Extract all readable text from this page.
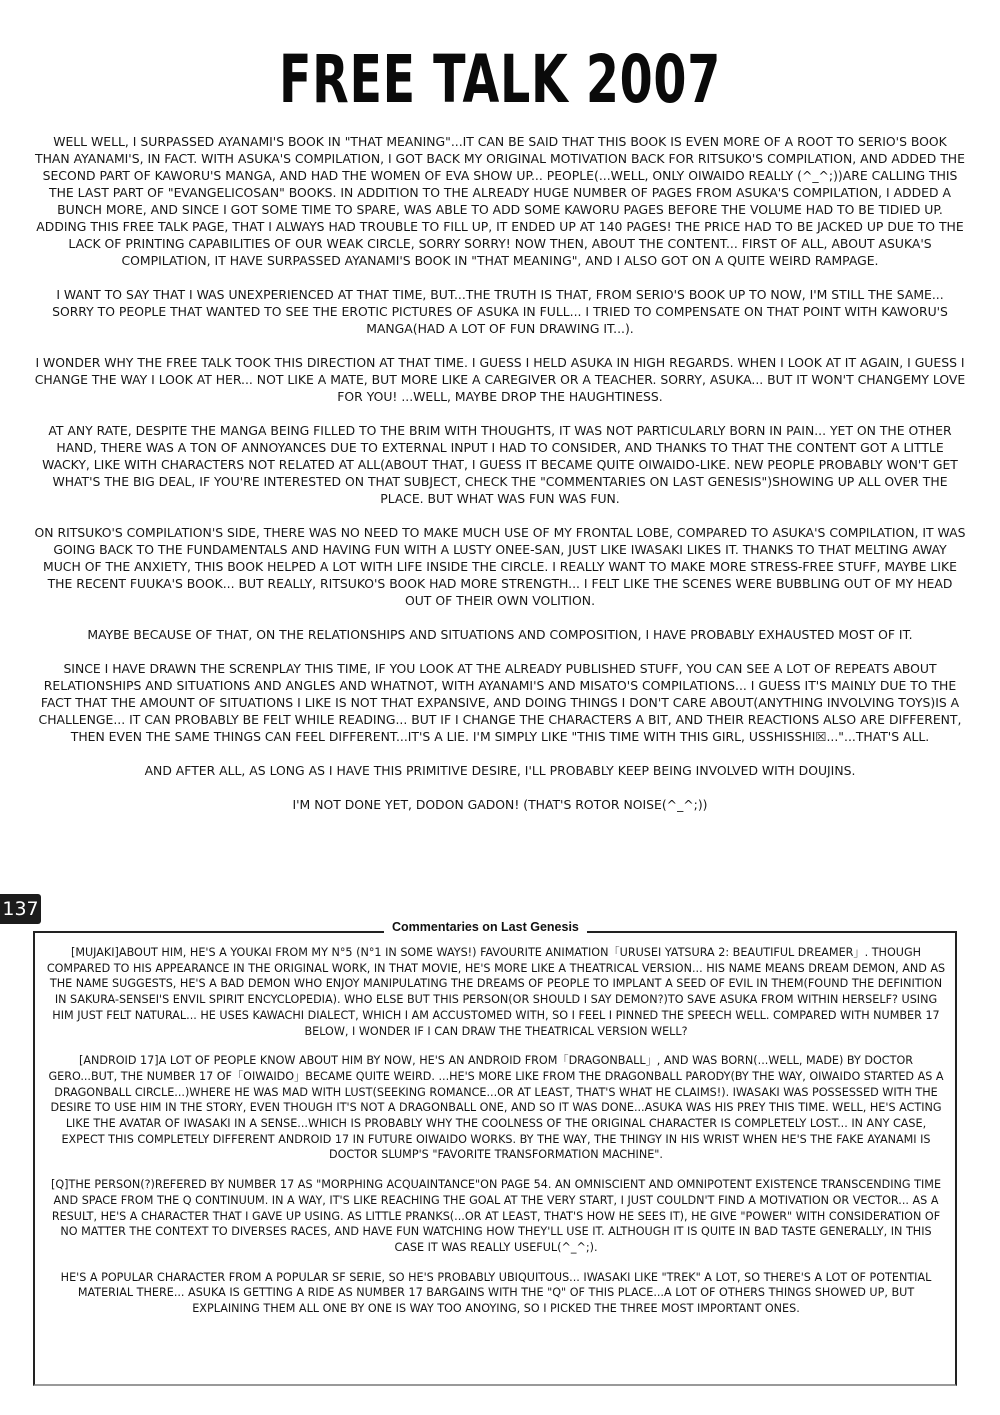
FREE TALK 2007

WELL WELL, I SURPASSED AYANAMI'S BOOK IN "THAT MEANING"...IT CAN BE SAID THAT THIS BOOK IS EVEN MORE OF A ROOT TO SERIO'S BOOK THAN AYANAMI'S, IN FACT. WITH ASUKA'S COMPILATION, I GOT BACK MY ORIGINAL MOTIVATION BACK FOR RITSUKO'S COMPILATION, AND ADDED THE SECOND PART OF KAWORU'S MANGA, AND HAD THE WOMEN OF EVA SHOW UP... PEOPLE(...WELL, ONLY OIWAIDO REALLY (^_^;))ARE CALLING THIS THE LAST PART OF "EVANGELICOSAN" BOOKS. IN ADDITION TO THE ALREADY HUGE NUMBER OF PAGES FROM ASUKA'S COMPILATION, I ADDED A BUNCH MORE, AND SINCE I GOT SOME TIME TO SPARE, WAS ABLE TO ADD SOME KAWORU PAGES BEFORE THE VOLUME HAD TO BE TIDIED UP. ADDING THIS FREE TALK PAGE, THAT I ALWAYS HAD TROUBLE TO FILL UP, IT ENDED UP AT 140 PAGES! THE PRICE HAD TO BE JACKED UP DUE TO THE LACK OF PRINTING CAPABILITIES OF OUR WEAK CIRCLE, SORRY SORRY! NOW THEN, ABOUT THE CONTENT... FIRST OF ALL, ABOUT ASUKA'S COMPILATION, IT HAVE SURPASSED AYANAMI'S BOOK IN "THAT MEANING", AND I ALSO GOT ON A QUITE WEIRD RAMPAGE.

I WANT TO SAY THAT I WAS UNEXPERIENCED AT THAT TIME, BUT...THE TRUTH IS THAT, FROM SERIO'S BOOK UP TO NOW, I'M STILL THE SAME... SORRY TO PEOPLE THAT WANTED TO SEE THE EROTIC PICTURES OF ASUKA IN FULL... I TRIED TO COMPENSATE ON THAT POINT WITH KAWORU'S MANGA(HAD A LOT OF FUN DRAWING IT...).

I WONDER WHY THE FREE TALK TOOK THIS DIRECTION AT THAT TIME. I GUESS I HELD ASUKA IN HIGH REGARDS. WHEN I LOOK AT IT AGAIN, I GUESS I CHANGE THE WAY I LOOK AT HER... NOT LIKE A MATE, BUT MORE LIKE A CAREGIVER OR A TEACHER. SORRY, ASUKA... BUT IT WON'T CHANGEMY LOVE FOR YOU! ...WELL, MAYBE DROP THE HAUGHTINESS.

AT ANY RATE, DESPITE THE MANGA BEING FILLED TO THE BRIM WITH THOUGHTS, IT WAS NOT PARTICULARLY BORN IN PAIN... YET ON THE OTHER HAND, THERE WAS A TON OF ANNOYANCES DUE TO EXTERNAL INPUT I HAD TO CONSIDER, AND THANKS TO THAT THE CONTENT GOT A LITTLE WACKY, LIKE WITH CHARACTERS NOT RELATED AT ALL(ABOUT THAT, I GUESS IT BECAME QUITE OIWAIDO-LIKE. NEW PEOPLE PROBABLY WON'T GET WHAT'S THE BIG DEAL, IF YOU'RE INTERESTED ON THAT SUBJECT, CHECK THE "COMMENTARIES ON LAST GENESIS")SHOWING UP ALL OVER THE PLACE. BUT WHAT WAS FUN WAS FUN.

ON RITSUKO'S COMPILATION'S SIDE, THERE WAS NO NEED TO MAKE MUCH USE OF MY FRONTAL LOBE, COMPARED TO ASUKA'S COMPILATION, IT WAS GOING BACK TO THE FUNDAMENTALS AND HAVING FUN WITH A LUSTY ONEE-SAN, JUST LIKE IWASAKI LIKES IT. THANKS TO THAT MELTING AWAY MUCH OF THE ANXIETY, THIS BOOK HELPED A LOT WITH LIFE INSIDE THE CIRCLE. I REALLY WANT TO MAKE MORE STRESS-FREE STUFF, MAYBE LIKE THE RECENT FUUKA'S BOOK... BUT REALLY, RITSUKO'S BOOK HAD MORE STRENGTH... I FELT LIKE THE SCENES WERE BUBBLING OUT OF MY HEAD OUT OF THEIR OWN VOLITION.

MAYBE BECAUSE OF THAT, ON THE RELATIONSHIPS AND SITUATIONS AND COMPOSITION, I HAVE PROBABLY EXHAUSTED MOST OF IT.

SINCE I HAVE DRAWN THE SCRENPLAY THIS TIME, IF YOU LOOK AT THE ALREADY PUBLISHED STUFF, YOU CAN SEE A LOT OF REPEATS ABOUT RELATIONSHIPS AND SITUATIONS AND ANGLES AND WHATNOT, WITH AYANAMI'S AND MISATO'S COMPILATIONS... I GUESS IT'S MAINLY DUE TO THE FACT THAT THE AMOUNT OF SITUATIONS I LIKE IS NOT THAT EXPANSIVE, AND DOING THINGS I DON'T CARE ABOUT(ANYTHING INVOLVING TOYS)IS A CHALLENGE... IT CAN PROBABLY BE FELT WHILE READING... BUT IF I CHANGE THE CHARACTERS A BIT, AND THEIR REACTIONS ALSO ARE DIFFERENT, THEN EVEN THE SAME THINGS CAN FEEL DIFFERENT...IT'S A LIE. I'M SIMPLY LIKE "THIS TIME WITH THIS GIRL, USSHISSHI☒..."...THAT'S ALL.

AND AFTER ALL, AS LONG AS I HAVE THIS PRIMITIVE DESIRE, I'LL PROBABLY KEEP BEING INVOLVED WITH DOUJINS.

I'M NOT DONE YET, DODON GADON! (THAT'S ROTOR NOISE(^_^;))

137
Commentaries on Last Genesis

[MUJAKI]ABOUT HIM, HE'S A YOUKAI FROM MY N°5 (N°1 IN SOME WAYS!) FAVOURITE ANIMATION「URUSEI YATSURA 2: BEAUTIFUL DREAMER」. THOUGH COMPARED TO HIS APPEARANCE IN THE ORIGINAL WORK, IN THAT MOVIE, HE'S MORE LIKE A THEATRICAL VERSION... HIS NAME MEANS DREAM DEMON, AND AS THE NAME SUGGESTS, HE'S A BAD DEMON WHO ENJOY MANIPULATING THE DREAMS OF PEOPLE TO IMPLANT A SEED OF EVIL IN THEM(FOUND THE DEFINITION IN SAKURA-SENSEI'S ENVIL SPIRIT ENCYCLOPEDIA). WHO ELSE BUT THIS PERSON(OR SHOULD I SAY DEMON?)TO SAVE ASUKA FROM WITHIN HERSELF? USING HIM JUST FELT NATURAL... HE USES KAWACHI DIALECT, WHICH I AM ACCUSTOMED WITH, SO I FEEL I PINNED THE SPEECH WELL. COMPARED WITH NUMBER 17 BELOW, I WONDER IF I CAN DRAW THE THEATRICAL VERSION WELL?

[ANDROID 17]A LOT OF PEOPLE KNOW ABOUT HIM BY NOW, HE'S AN ANDROID FROM「DRAGONBALL」, AND WAS BORN(...WELL, MADE) BY DOCTOR GERO...BUT, THE NUMBER 17 OF「OIWAIDO」BECAME QUITE WEIRD. ...HE'S MORE LIKE FROM THE DRAGONBALL PARODY(BY THE WAY, OIWAIDO STARTED AS A DRAGONBALL CIRCLE...)WHERE HE WAS MAD WITH LUST(SEEKING ROMANCE...OR AT LEAST, THAT'S WHAT HE CLAIMS!). IWASAKI WAS POSSESSED WITH THE DESIRE TO USE HIM IN THE STORY, EVEN THOUGH IT'S NOT A DRAGONBALL ONE, AND SO IT WAS DONE...ASUKA WAS HIS PREY THIS TIME. WELL, HE'S ACTING LIKE THE AVATAR OF IWASAKI IN A SENSE...WHICH IS PROBABLY WHY THE COOLNESS OF THE ORIGINAL CHARACTER IS COMPLETELY LOST... IN ANY CASE, EXPECT THIS COMPLETELY DIFFERENT ANDROID 17 IN FUTURE OIWAIDO WORKS. BY THE WAY, THE THINGY IN HIS WRIST WHEN HE'S THE FAKE AYANAMI IS DOCTOR SLUMP'S "FAVORITE TRANSFORMATION MACHINE".

[Q]THE PERSON(?)REFERED BY NUMBER 17 AS "MORPHING ACQUAINTANCE"ON PAGE 54. AN OMNISCIENT AND OMNIPOTENT EXISTENCE TRANSCENDING TIME AND SPACE FROM THE Q CONTINUUM. IN A WAY, IT'S LIKE REACHING THE GOAL AT THE VERY START, I JUST COULDN'T FIND A MOTIVATION OR VECTOR... AS A RESULT, HE'S A CHARACTER THAT I GAVE UP USING. AS LITTLE PRANKS(...OR AT LEAST, THAT'S HOW HE SEES IT), HE GIVE "POWER" WITH CONSIDERATION OF NO MATTER THE CONTEXT TO DIVERSES RACES, AND HAVE FUN WATCHING HOW THEY'LL USE IT. ALTHOUGH IT IS QUITE IN BAD TASTE GENERALLY, IN THIS CASE IT WAS REALLY USEFUL(^_^;).

HE'S A POPULAR CHARACTER FROM A POPULAR SF SERIE, SO HE'S PROBABLY UBIQUITOUS... IWASAKI LIKE "TREK" A LOT, SO THERE'S A LOT OF POTENTIAL MATERIAL THERE... ASUKA IS GETTING A RIDE AS NUMBER 17 BARGAINS WITH THE "Q" OF THIS PLACE...A LOT OF OTHERS THINGS SHOWED UP, BUT EXPLAINING THEM ALL ONE BY ONE IS WAY TOO ANOYING, SO I PICKED THE THREE MOST IMPORTANT ONES.
